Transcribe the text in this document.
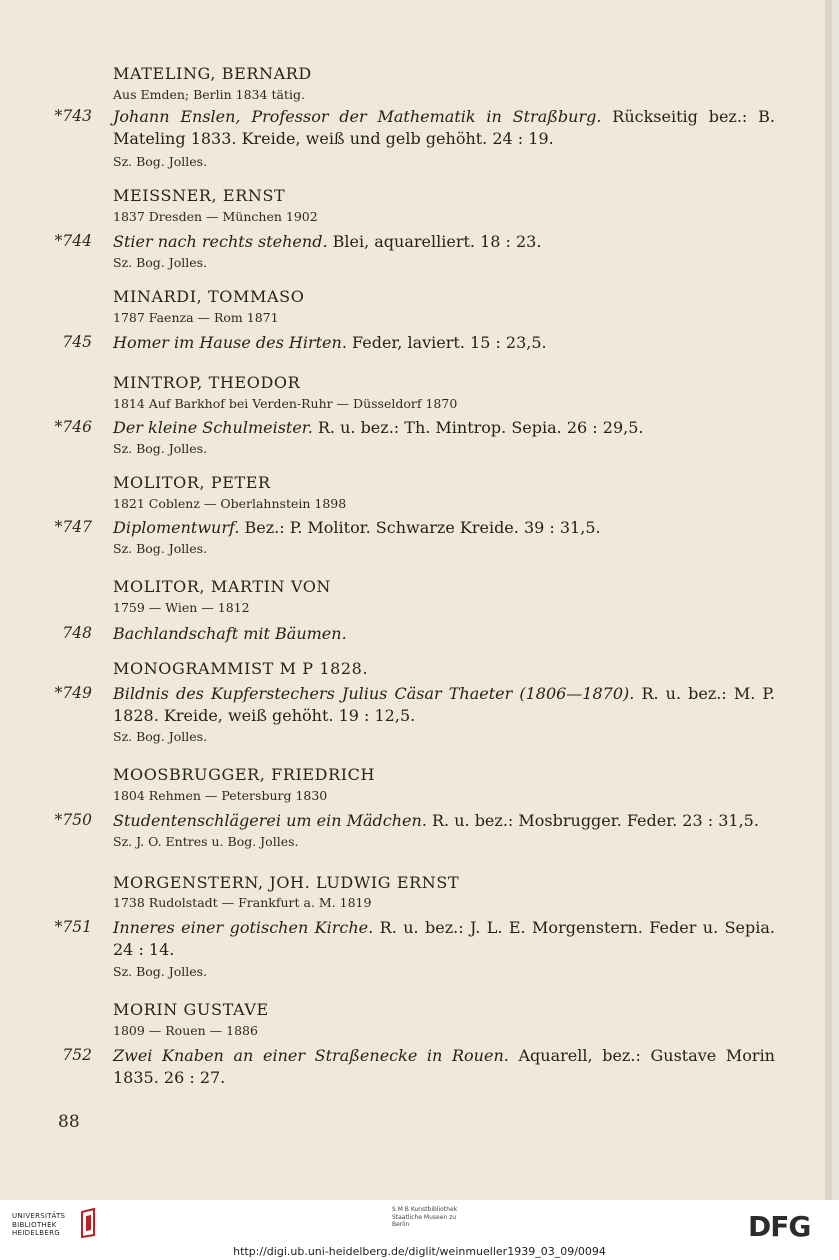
MATELING, BERNARD
Aus Emden; Berlin 1834 tätig.
*743 Johann Enslen, Professor der Mathematik in Straßburg. Rückseitig bez.: B. Mateling 1833. Kreide, weiß und gelb gehöht. 24 : 19.
Sz. Bog. Jolles.
MEISSNER, ERNST
1837 Dresden — München 1902
*744 Stier nach rechts stehend. Blei, aquarelliert. 18 : 23.
Sz. Bog. Jolles.
MINARDI, TOMMASO
1787 Faenza — Rom 1871
745 Homer im Hause des Hirten. Feder, laviert. 15 : 23,5.
MINTROP, THEODOR
1814 Auf Barkhof bei Verden-Ruhr — Düsseldorf 1870
*746 Der kleine Schulmeister. R. u. bez.: Th. Mintrop. Sepia. 26 : 29,5.
Sz. Bog. Jolles.
MOLITOR, PETER
1821 Coblenz — Oberlahnstein 1898
*747 Diplomentwurf. Bez.: P. Molitor. Schwarze Kreide. 39 : 31,5.
Sz. Bog. Jolles.
MOLITOR, MARTIN VON
1759 — Wien — 1812
748 Bachlandschaft mit Bäumen.
MONOGRAMMIST M P 1828.
*749 Bildnis des Kupferstechers Julius Cäsar Thaeter (1806—1870). R. u. bez.: M. P. 1828. Kreide, weiß gehöht. 19 : 12,5.
Sz. Bog. Jolles.
MOOSBRUGGER, FRIEDRICH
1804 Rehmen — Petersburg 1830
*750 Studentenschlägerei um ein Mädchen. R. u. bez.: Mosbrugger. Feder. 23 : 31,5.
Sz. J. O. Entres u. Bog. Jolles.
MORGENSTERN, JOH. LUDWIG ERNST
1738 Rudolstadt — Frankfurt a. M. 1819
*751 Inneres einer gotischen Kirche. R. u. bez.: J. L. E. Morgenstern. Feder u. Sepia. 24 : 14.
Sz. Bog. Jolles.
MORIN GUSTAVE
1809 — Rouen — 1886
752 Zwei Knaben an einer Straßenecke in Rouen. Aquarell, bez.: Gustave Morin 1835. 26 : 27.
88
UNIVERSITÄTS BIBLIOTHEK HEIDELBERG
S M B Kunstbibliothek Staatliche Museen zu Berlin	DFG
http://digi.ub.uni-heidelberg.de/diglit/weinmueller1939_03_09/0094
